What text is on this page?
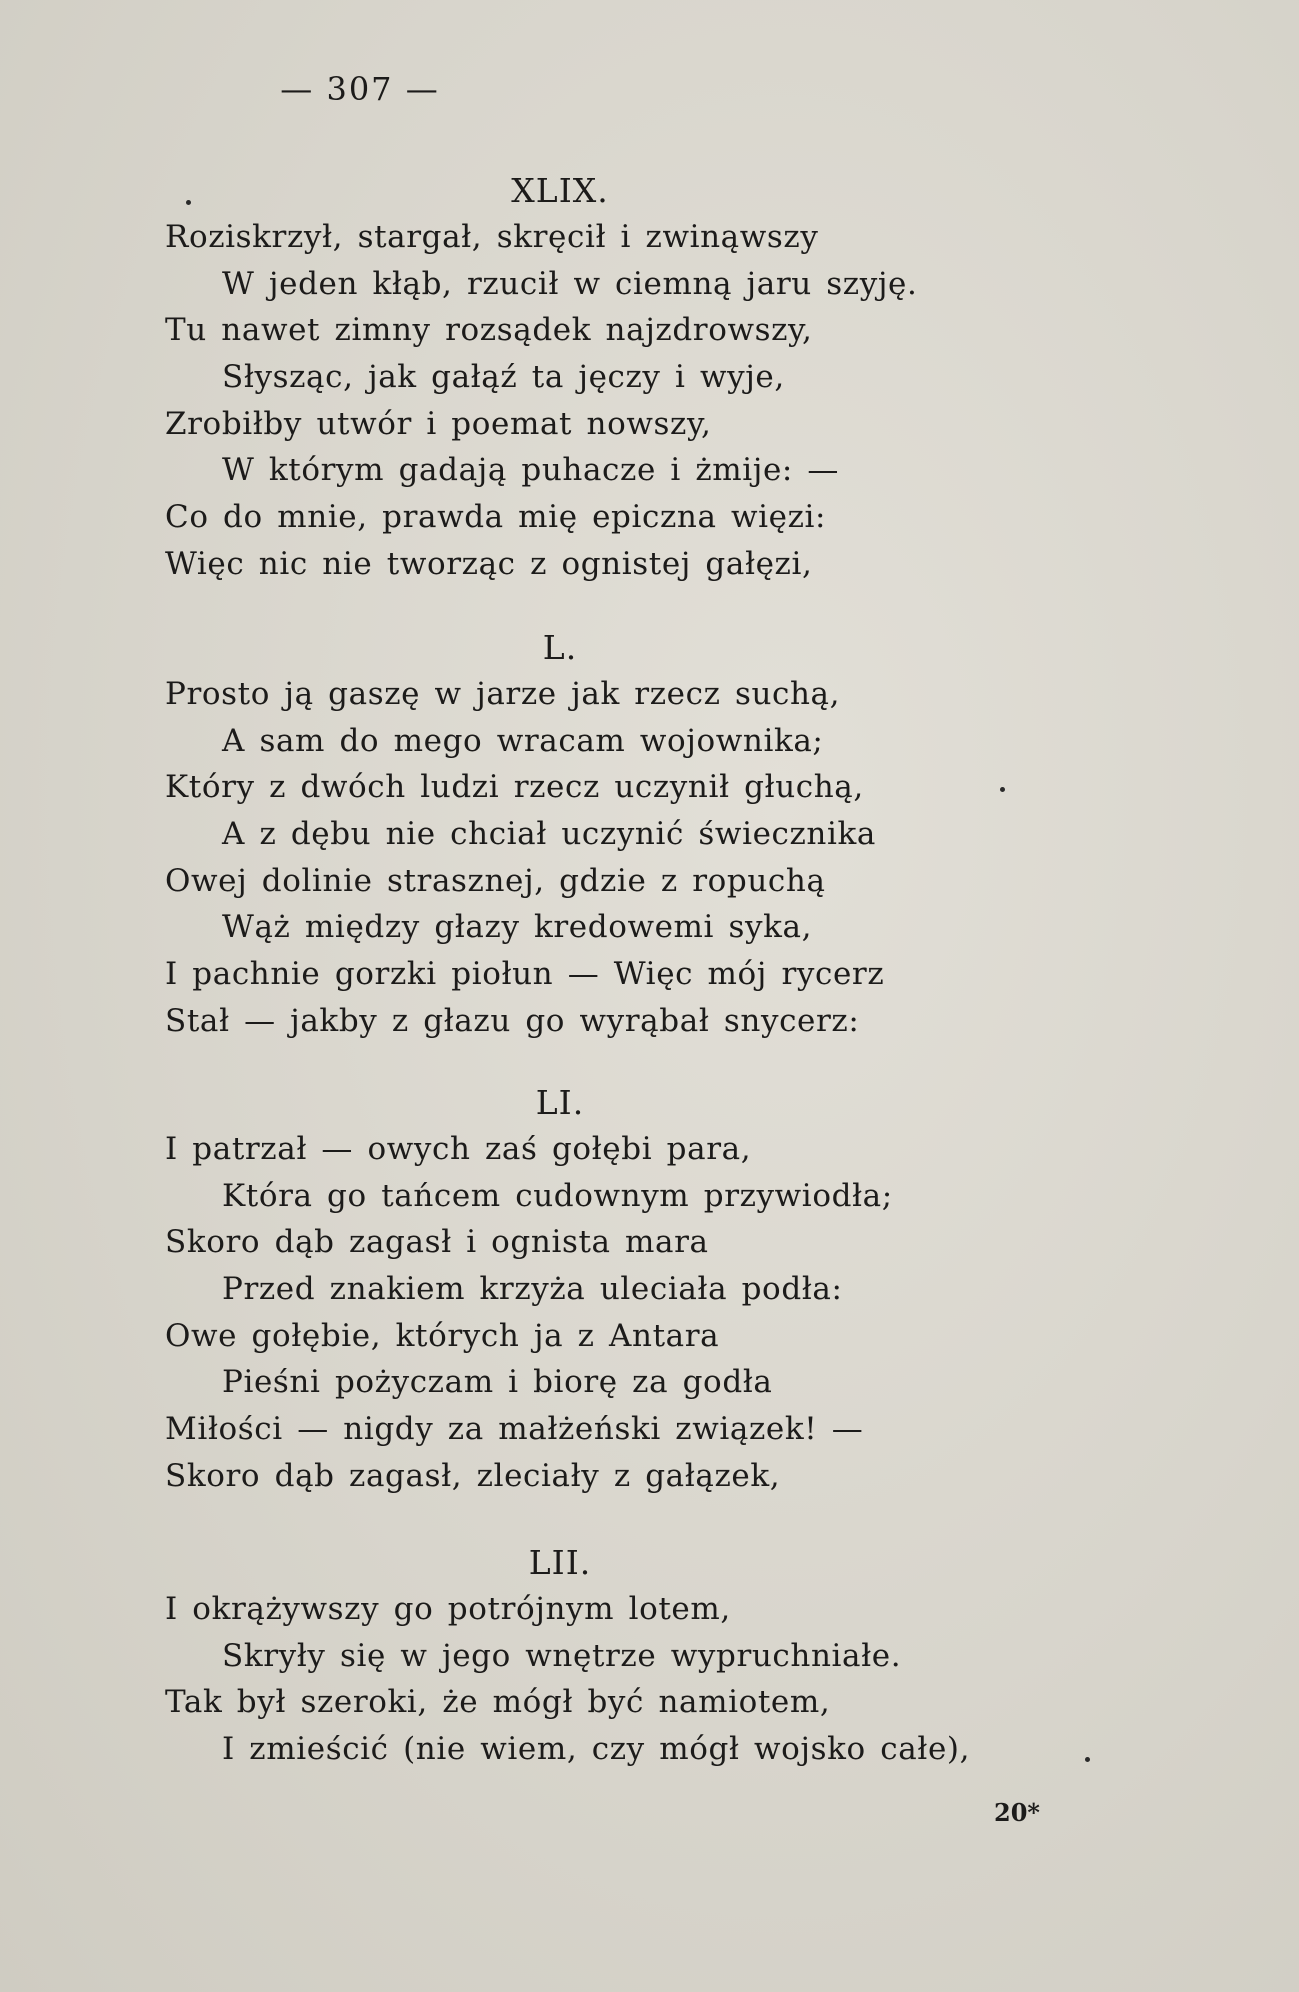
— 307 —
XLIX.
Roziskrzył, stargał, skręcił i zwinąwszy
W jeden kłąb, rzucił w ciemną jaru szyję.
Tu nawet zimny rozsądek najzdrowszy,
Słysząc, jak gałąź ta jęczy i wyje,
Zrobiłby utwór i poemat nowszy,
W którym gadają puhacze i żmije: —
Co do mnie, prawda mię epiczna więzi:
Więc nic nie tworząc z ognistej gałęzi,
L.
Prosto ją gaszę w jarze jak rzecz suchą,
A sam do mego wracam wojownika;
Który z dwóch ludzi rzecz uczynił głuchą,
A z dębu nie chciał uczynić świecznika
Owej dolinie strasznej, gdzie z ropuchą
Wąż między głazy kredowemi syka,
I pachnie gorzki piołun — Więc mój rycerz
Stał — jakby z głazu go wyrąbał snycerz:
LI.
I patrzał — owych zaś gołębi para,
Która go tańcem cudownym przywiodła;
Skoro dąb zagasł i ognista mara
Przed znakiem krzyża uleciała podła:
Owe gołębie, których ja z Antara
Pieśni pożyczam i biorę za godła
Miłości — nigdy za małżeński związek! —
Skoro dąb zagasł, zleciały z gałązek,
LII.
I okrążywszy go potrójnym lotem,
Skryły się w jego wnętrze wypruchniałe.
Tak był szeroki, że mógł być namiotem,
I zmieścić (nie wiem, czy mógł wojsko całe),
20*
